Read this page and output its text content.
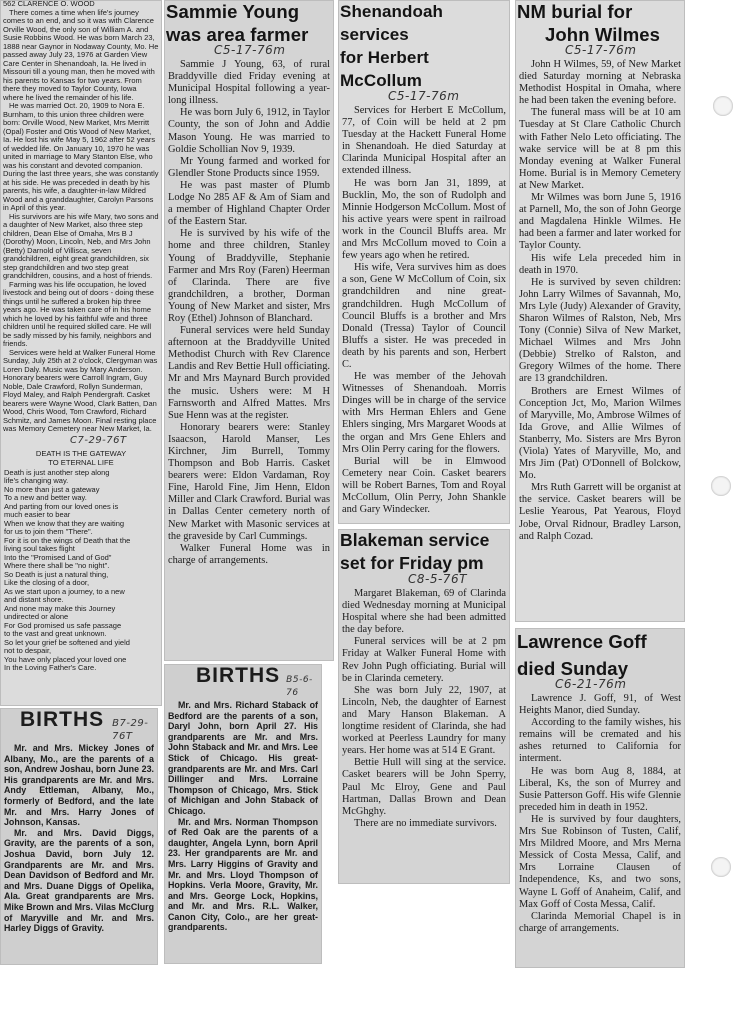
562 CLARENCE O. WOOD

There comes a time when life's journey comes to an end, and so it was with Clarence Orville Wood, the only son of William A. and Susie Robbins Wood. He was born March 23, 1888 near Gaynor in Nodaway County, Mo. He passed away July 23, 1976 at Garden View Care Center in Shenandoah, Ia. He lived in Missouri till a young man, then he moved with his parents to Kansas for two years. From there they moved to Taylor County, Iowa where he lived the remainder of his life.

He was married Oct. 20, 1909 to Nora E. Burnham, to this union three children were born: Orville Wood, New Market, Mrs Merritt (Opal) Foster and Otis Wood of New Market, Ia. He lost his wife May 5, 1962 after 52 years of wedded life. On January 10, 1970 he was united in marriage to Mary Stanton Else, who was his constant and devoted companion. During the last three years, she was constantly at his side. He was preceded in death by his parents, his wife, a daughter-in-law Mildred Wood and a granddaughter, Carolyn Parsons in April of this year.

His survivors are his wife Mary, two sons and a daughter of New Market, also three step children, Dean Else of Omaha, Mrs B J (Dorothy) Moon, Lincoln, Neb, and Mrs John (Betty) Darnold of Villisca, seven grandchildren, eight great grandchildren, six step grandchildren and two step great grandchildren, cousins, and a host of friends.

Farming was his life occupation, he loved livestock and being out of doors - doing these things until he suffered a broken hip three years ago. He was taken care of in his home which he loved by his faithful wife and three children until he required skilled care. He will be sadly missed by his family, neighbors and friends.

Services were held at Walker Funeral Home Sunday, July 25th at 2 o'clock, Clergyman was Loren Daly. Music was by Mary Anderson. Honorary bearers were Carroll Ingram, Guy Noble, Dale Crawford, Rollyn Sunderman, Floyd Maley, and Ralph Pendergraft. Casket bearers were Wayne Wood, Clark Batten, Dan Wood, Chris Wood, Tom Crawford, Richard Schmitz, and James Moon. Final resting place was Memory Cemetery near New Market, Ia.

C7-29-76T
DEATH IS THE GATEWAY
TO ETERNAL LIFE
Death is just another step along
life's changing way.
No more than just a gateway
To a new and better way.
And parting from our loved ones is
much easier to bear
When we know that they are waiting
for us to join them "There".
For it is on the wings of Death that the
living soul takes flight
Into the "Promised Land of God"
Where there shall be "no night".
So Death is just a natural thing,
Like the closing of a door,
As we start upon a journey, to a new
and distant shore.
And none may make this Journey
undirected or alone
For God promised us safe passage
to the vast and great unknown.
So let your grief be softened and yield
not to despair,
You have only placed your loved one
In the Loving Father's Care.
BIRTHS B7-29-76T

Mr. and Mrs. Mickey Jones of Albany, Mo., are the parents of a son, Andrew Joshau, born June 23. His grandparents are Mr. and Mrs. Andy Ettleman, Albany, Mo., formerly of Bedford, and the late Mr. and Mrs. Harry Jones of Johnson, Kansas.

Mr. and Mrs. David Diggs, Gravity, are the parents of a son, Joshua David, born July 12. Grandparents are Mr. and Mrs. Dean Davidson of Bedford and Mr. and Mrs. Duane Diggs of Opelika, Ala. Great grandparents are Mrs. Mike Brown and Mrs. Vilas McClurg of Maryville and Mr. and Mrs. Harley Diggs of Gravity.

Sammie Young
was area farmer
C5-17-76m

Sammie J Young, 63, of rural Braddyville died Friday evening at Municipal Hospital following a year-long illness.

He was born July 6, 1912, in Taylor County, the son of John and Addie Mason Young. He was married to Goldie Schollian Nov 9, 1939.

Mr Young farmed and worked for Glendler Stone Products since 1959.

He was past master of Plumb Lodge No 285 AF & Am of Siam and a member of Highland Chapter Order of the Eastern Star.

He is survived by his wife of the home and three children, Stanley Young of Braddyville, Stephanie Farmer and Mrs Roy (Faren) Heerman of Clarinda. There are five grandchildren, a brother, Dorman Young of New Market and sister, Mrs Roy (Ethel) Johnson of Blanchard.

Funeral services were held Sunday afternoon at the Braddyville United Methodist Church with Rev Clarence Landis and Rev Bettie Hull officiating. Mr and Mrs Maynard Burch provided the music. Ushers were: M H Farnsworth and Alfred Mattes. Mrs Sue Henn was at the register.

Honorary bearers were: Stanley Isaacson, Harold Manser, Les Kirchner, Jim Burrell, Tommy Thompson and Bob Harris. Casket bearers were: Eldon Vardaman, Roy Fine, Harold Fine, Jim Henn, Eldon Miller and Clark Crawford. Burial was in Dallas Center cemetery north of New Market with Masonic services at the graveside by Carl Cummings.

Walker Funeral Home was in charge of arrangements.

BIRTHS B5-6-76

Mr. and Mrs. Richard Staback of Bedford are the parents of a son, Daryl John, born April 27. His grandparents are Mr. and Mrs. John Staback and Mr. and Mrs. Lee Stick of Chicago. His great-grandparents are Mr. and Mrs. Carl Dillinger and Mrs. Lorraine Thompson of Chicago, Mrs. Stick of Michigan and John Staback of Chicago.

Mr. and Mrs. Norman Thompson of Red Oak are the parents of a daughter, Angela Lynn, born April 23. Her grandparents are Mr. and Mrs. Larry Higgins of Gravity and Mr. and Mrs. Lloyd Thompson of Hopkins. Verla Moore, Gravity, Mr. and Mrs. George Lock, Hopkins, and Mr. and Mrs. R.L. Walker, Canon City, Colo., are her great-grandparents.

Shenandoah services
for Herbert McCollum
C5-17-76m

Services for Herbert E McCollum, 77, of Coin will be held at 2 pm Tuesday at the Hackett Funeral Home in Shenandoah. He died Saturday at Clarinda Municipal Hospital after an extended illness.

He was born Jan 31, 1899, at Bucklin, Mo, the son of Rudolph and Minnie Hodgerson McCollum. Most of his active years were spent in railroad work in the Council Bluffs area. Mr and Mrs McCollum moved to Coin a few years ago when he retired.

His wife, Vera survives him as does a son, Gene W McCollum of Coin, six grandchildren and nine great-grandchildren. Hugh McCollum of Council Bluffs is a brother and Mrs Donald (Tressa) Taylor of Council Bluffs a sister. He was preceded in death by his parents and son, Herbert C.

He was member of the Jehovah Witnesses of Shenandoah. Morris Dinges will be in charge of the service with Mrs Herman Ehlers and Gene Ehlers singing, Mrs Margaret Woods at the organ and Mrs Gene Ehlers and Mrs Olin Perry caring for the flowers.

Burial will be in Elmwood Cemetery near Coin. Casket bearers will be Robert Barnes, Tom and Royal McCollum, Olin Perry, John Shankle and Gary Windecker.

Blakeman service
set for Friday pm
C8-5-76T

Margaret Blakeman, 69 of Clarinda died Wednesday morning at Municipal Hospital where she had been admitted the day before.

Funeral services will be at 2 pm Friday at Walker Funeral Home with Rev John Pugh officiating. Burial will be in Clarinda cemetery.

She was born July 22, 1907, at Lincoln, Neb, the daughter of Earnest and Mary Hanson Blakeman. A longtime resident of Clarinda, she had worked at Peerless Laundry for many years. Her home was at 514 E Grant.

Bettie Hull will sing at the service. Casket bearers will be John Sperry, Paul Mc Elroy, Gene and Paul Hartman, Dallas Brown and Dean McGhghy.

There are no immediate survivors.

NM burial for
John Wilmes
C5-17-76m

John H Wilmes, 59, of New Market died Saturday morning at Nebraska Methodist Hospital in Omaha, where he had been taken the evening before.

The funeral mass will be at 10 am Tuesday at St Clare Catholic Church with Father Nelo Leto officiating. The wake service will be at 8 pm this Monday evening at Walker Funeral Home. Burial is in Memory Cemetery at New Market.

Mr Wilmes was born June 5, 1916 at Parnell, Mo, the son of John George and Magdalena Hinkle Wilmes. He had been a farmer and later worked for Taylor County.

His wife Lela preceded him in death in 1970.

He is survived by seven children: John Larry Wilmes of Savannah, Mo, Mrs Lyle (Judy) Alexander of Gravity, Sharon Wilmes of Ralston, Neb, Mrs Tony (Connie) Silva of New Market, Michael Wilmes and Mrs John (Debbie) Strelko of Ralston, and Gregory Wilmes of the home. There are 13 grandchildren.

Brothers are Ernest Wilmes of Conception Jct, Mo, Marion Wilmes of Maryville, Mo, Ambrose Wilmes of Ida Grove, and Allie Wilmes of Stanberry, Mo. Sisters are Mrs Byron (Viola) Yates of Maryville, Mo, and Mrs Jim (Pat) O'Donnell of Bolckow, Mo.

Mrs Ruth Garrett will be organist at the service. Casket bearers will be Leslie Yearous, Pat Yearous, Floyd Jobe, Orval Ridnour, Bradley Larson, and Ralph Cozad.

Lawrence Goff
died Sunday
C6-21-76m

Lawrence J. Goff, 91, of West Heights Manor, died Sunday.

According to the family wishes, his remains will be cremated and his ashes returned to California for interment.

He was born Aug 8, 1884, at Liberal, Ks, the son of Murrey and Susie Patterson Goff. His wife Glennie preceded him in death in 1952.

He is survived by four daughters, Mrs Sue Robinson of Tusten, Calif, Mrs Mildred Moore, and Mrs Merna Messick of Costa Messa, Calif, and Mrs Lorraine Clausen of Independence, Ks, and two sons, Wayne L Goff of Anaheim, Calif, and Max Goff of Costa Messa, Calif.

Clarinda Memorial Chapel is in charge of arrangements.
